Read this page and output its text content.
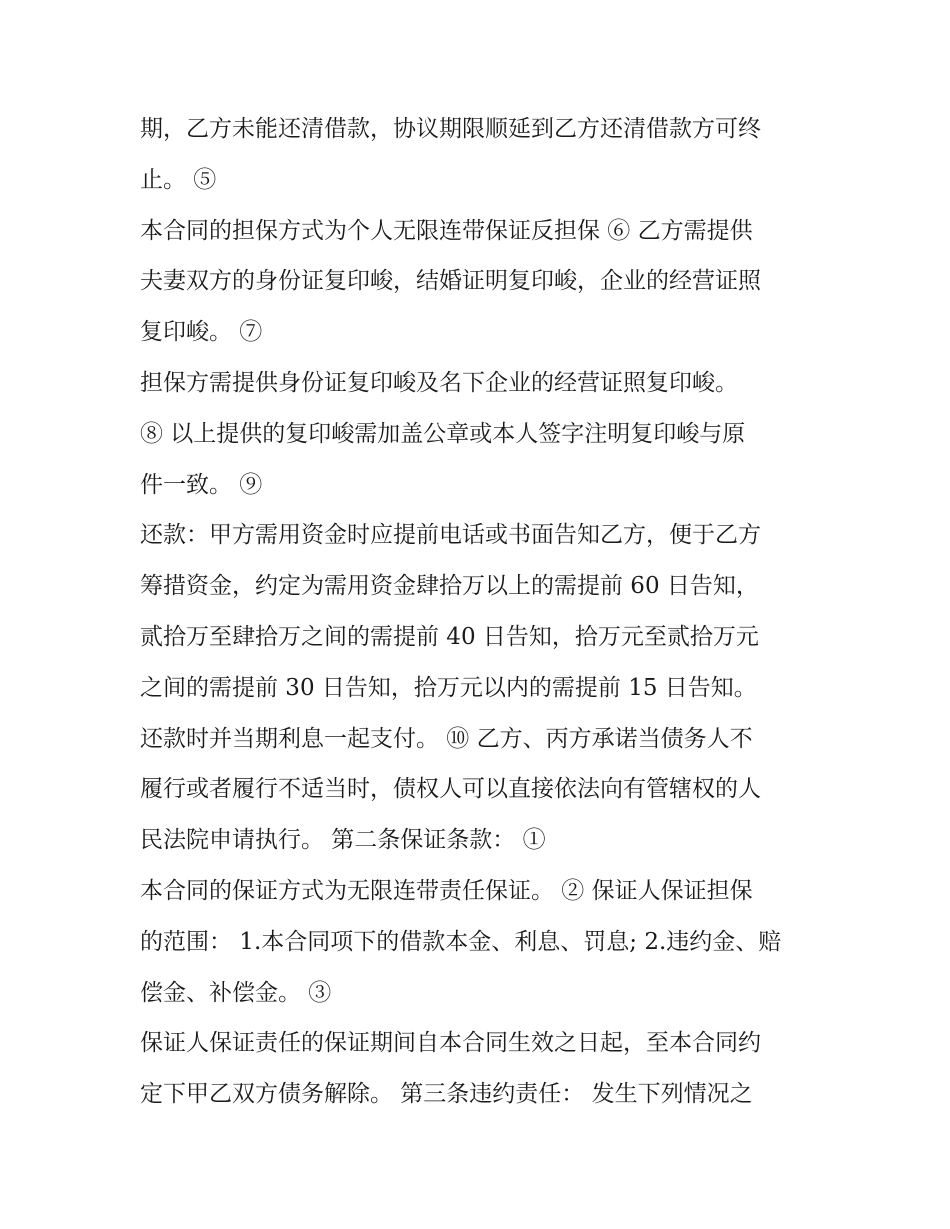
期，乙方未能还清借款，协议期限顺延到乙方还清借款方可终
止。 ⑤
本合同的担保方式为个人无限连带保证反担保 ⑥ 乙方需提供
夫妻双方的身份证复印峻，结婚证明复印峻，企业的经营证照
复印峻。 ⑦
担保方需提供身份证复印峻及名下企业的经营证照复印峻。
⑧ 以上提供的复印峻需加盖公章或本人签字注明复印峻与原
件一致。 ⑨
还款：甲方需用资金时应提前电话或书面告知乙方，便于乙方
筹措资金，约定为需用资金肆拾万以上的需提前 60 日告知，
贰拾万至肆拾万之间的需提前 40 日告知，拾万元至贰拾万元
之间的需提前 30 日告知，拾万元以内的需提前 15 日告知。
还款时并当期利息一起支付。 ⑩ 乙方、丙方承诺当债务人不
履行或者履行不适当时，债权人可以直接依法向有管辖权的人
民法院申请执行。 第二条保证条款： ①
本合同的保证方式为无限连带责任保证。 ② 保证人保证担保
的范围： 1.本合同项下的借款本金、利息、罚息; 2.违约金、赔
偿金、补偿金。 ③
保证人保证责任的保证期间自本合同生效之日起，至本合同约
定下甲乙双方债务解除。 第三条违约责任： 发生下列情况之
